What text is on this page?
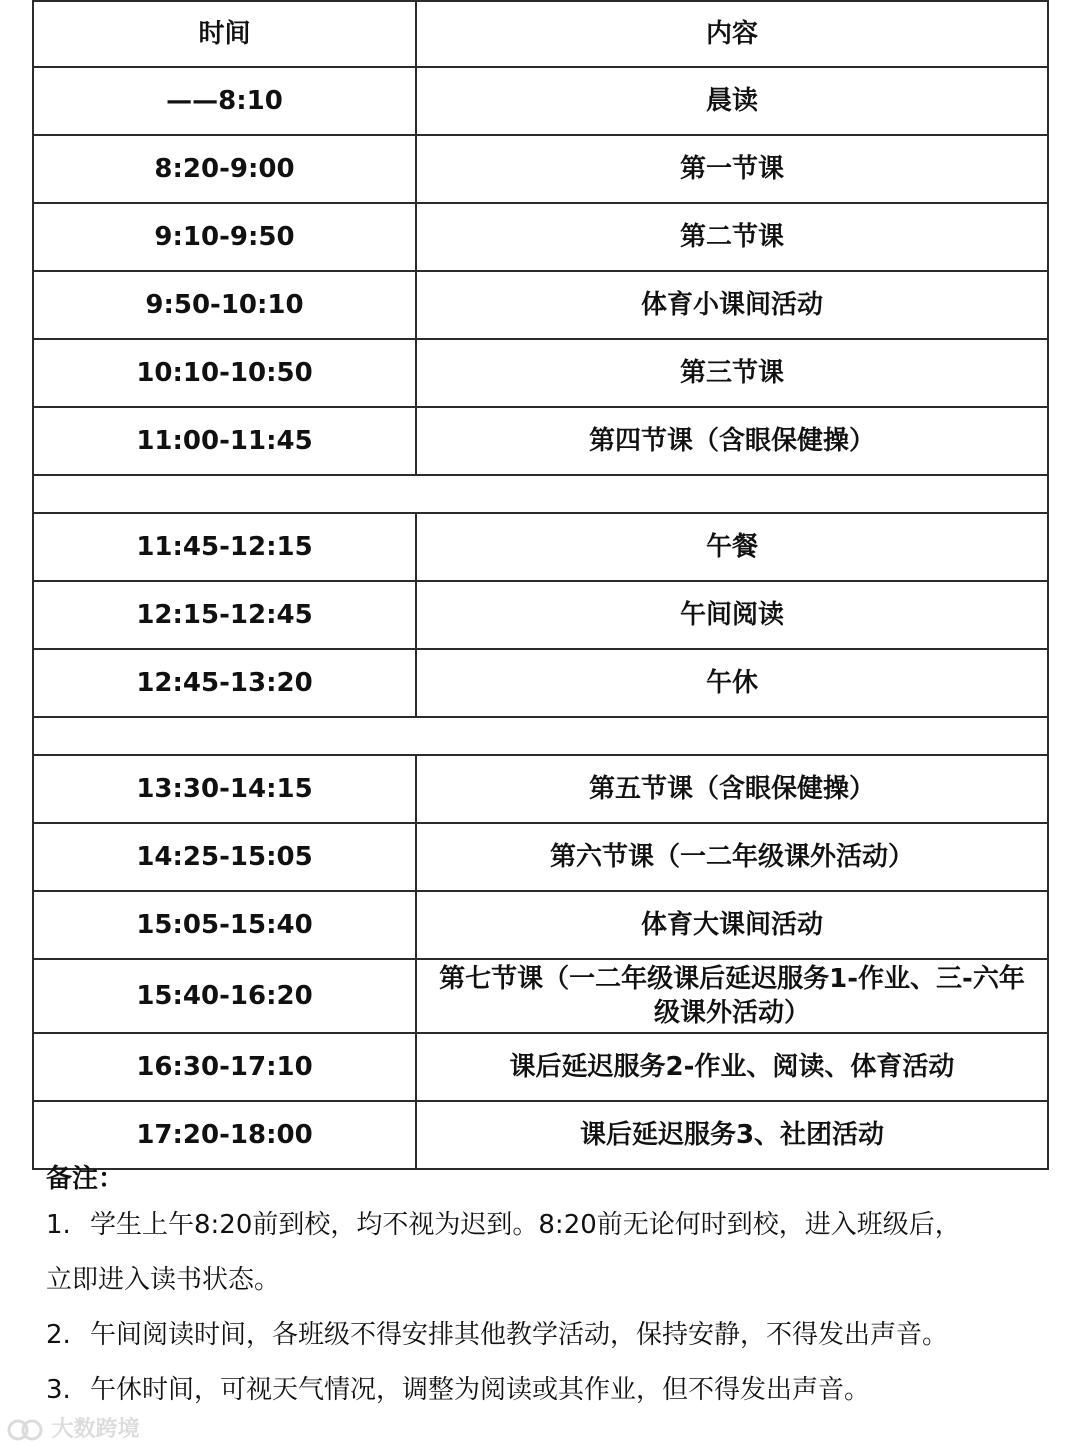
时间	内容
——8:10	晨读
8:20-9:00	第一节课
9:10-9:50	第二节课
9:50-10:10	体育小课间活动
10:10-10:50	第三节课
11:00-11:45	第四节课（含眼保健操）

11:45-12:15	午餐
12:15-12:45	午间阅读
12:45-13:20	午休

13:30-14:15	第五节课（含眼保健操）
14:25-15:05	第六节课（一二年级课外活动）
15:05-15:40	体育大课间活动
15:40-16:20	第七节课（一二年级课后延迟服务1-作业、三-六年级课外活动）
16:30-17:10	课后延迟服务2-作业、阅读、体育活动
17:20-18:00	课后延迟服务3、社团活动
备注：
1. 学生上午8:20前到校，均不视为迟到。8:20前无论何时到校，进入班级后，
立即进入读书状态。
2. 午间阅读时间，各班级不得安排其他教学活动，保持安静，不得发出声音。
3. 午休时间，可视天气情况，调整为阅读或其作业，但不得发出声音。
大数跨境
